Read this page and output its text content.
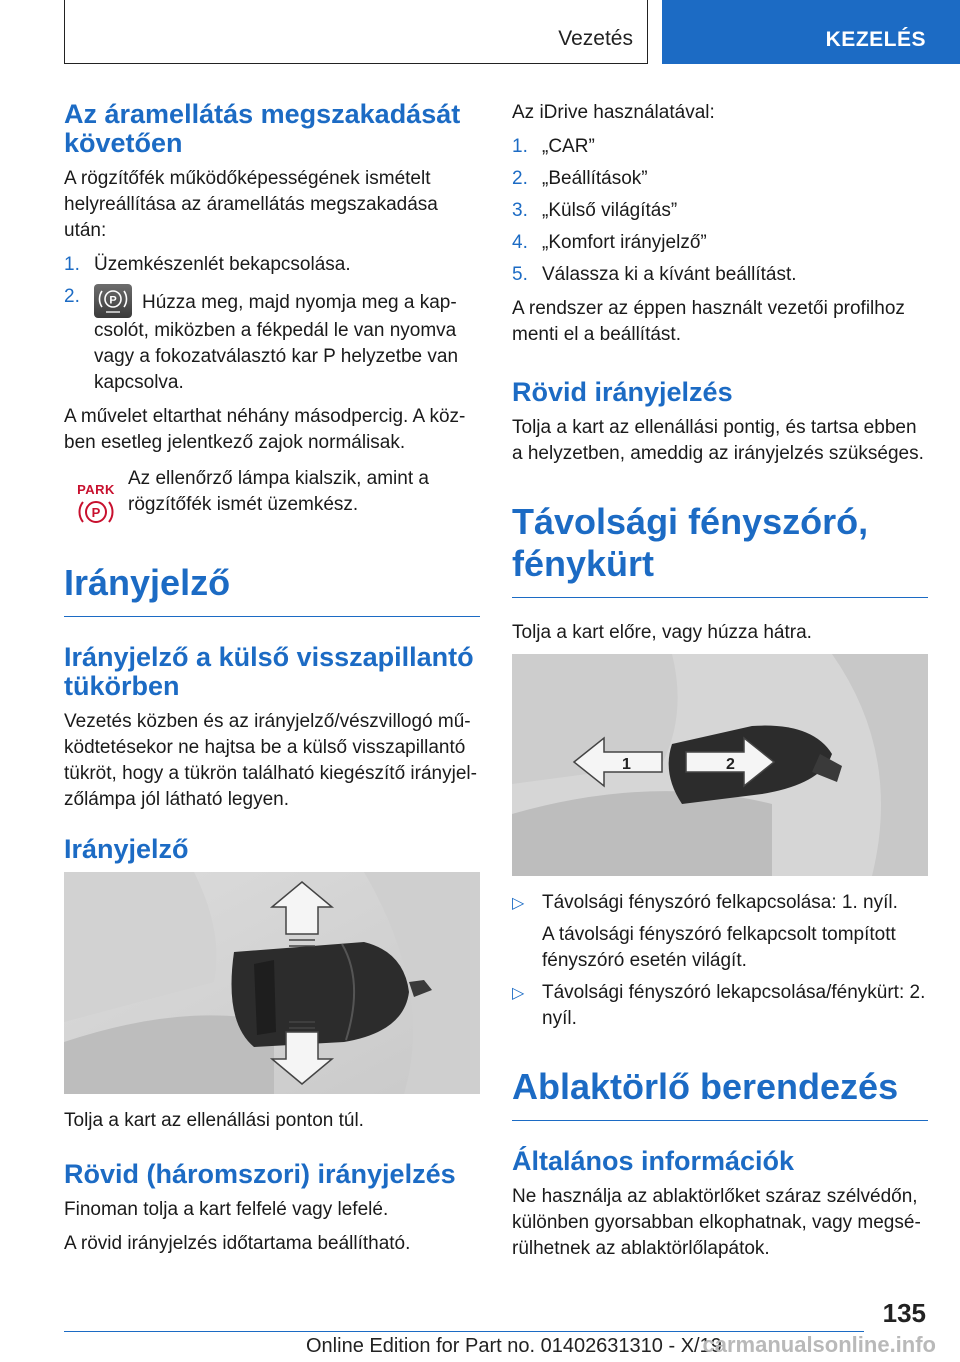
Vezetés	KEZELÉS
Az áramellátás megszakadását követően

A rögzítőfék működőképességének ismételt helyreállítása az áramellátás megszakadása után:

1. Üzemkészenlét bekapcsolása.
2.	P Húzza meg, majd nyomja meg a kapcsolót, miközben a fékpedál le van nyomva vagy a fokozatválasztó kar P helyzetbe van kapcsolva.

A művelet eltarthat néhány másodpercig. A közben esetleg jelentkező zajok normálisak.

PARK
P

Az ellenőrző lámpa kialszik, amint a rögzítőfék ismét üzemkész.

Irányjelző
Irányjelző a külső visszapillantó tükörben

Vezetés közben és az irányjelző/vészvillogó működtetésekor ne hajtsa be a külső visszapillantó tükröt, hogy a tükrön található kiegészítő irányjelzőlámpa jól látható legyen.

Irányjelző

Tolja a kart az ellenállási ponton túl.

Rövid (háromszori) irányjelzés

Finoman tolja a kart felfelé vagy lefelé.

A rövid irányjelzés időtartama beállítható.

Az iDrive használatával:

1. „CAR”
2. „Beállítások”
3. „Külső világítás”
4. „Komfort irányjelző”
5. Válassza ki a kívánt beállítást.

A rendszer az éppen használt vezetői profilhoz menti el a beállítást.

Rövid irányjelzés

Tolja a kart az ellenállási pontig, és tartsa ebben a helyzetben, ameddig az irányjelzés szükséges.

Távolsági fényszóró, fénykürt

Tolja a kart előre, vagy húzza hátra.

1	2
▷ Távolsági fényszóró felkapcsolása: 1. nyíl.

A távolsági fényszóró felkapcsolt tompított fényszóró esetén világít.

▷ Távolsági fényszóró lekapcsolása/fénykürt: 2. nyíl.
Ablaktörlő berendezés
Általános információk

Ne használja az ablaktörlőket száraz szélvédőn, különben gyorsabban elkophatnak, vagy megsérülhetnek az ablaktörlőlapátok.

135
Online Edition for Part no. 01402631310 - X/19
carmanualsonline.info
